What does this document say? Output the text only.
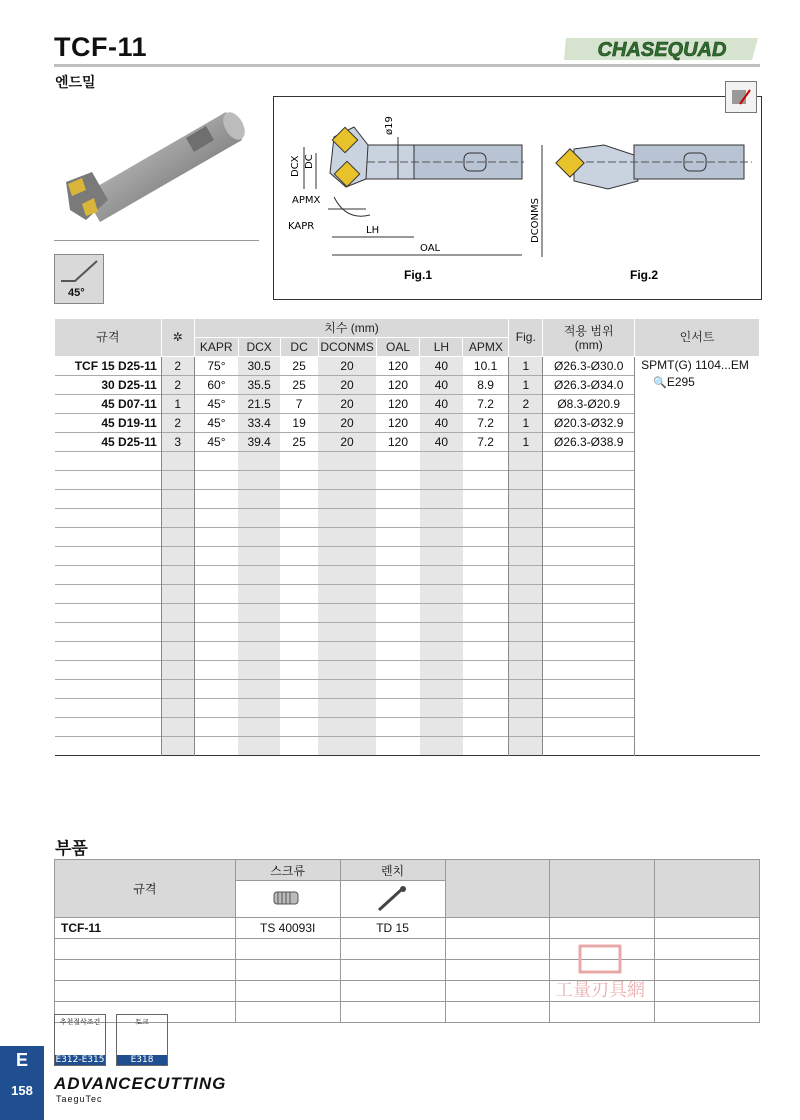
TCF-11
엔드밀
CHASEQUAD
45°
DCX DC
ø19
APMX
KAPR	LH
OAL
DCONMS
Fig.1	Fig.2
규격	✲	치수 (mm)							Fig.	적용 범위
(mm)	인서트
		KAPR	DCX	DC	DCONMS	OAL	LH	APMX			
TCF 15 D25-11	2	75°	30.5	25	20	120	40	10.1	1	Ø26.3-Ø30.0	SPMT(G) 1104...EM
🔍E295

30 D25-11	2	60°	35.5	25	20	120	40	8.9	1	Ø26.3-Ø34.0	
45 D07-11	1	45°	21.5	7	20	120	40	7.2	2	Ø8.3-Ø20.9	
45 D19-11	2	45°	33.4	19	20	120	40	7.2	1	Ø20.3-Ø32.9	
45 D25-11	3	45°	39.4	25	20	120	40	7.2	1	Ø26.3-Ø38.9	

부품
규격	스크류	렌치			

TCF-11	TS 40093I	TD 15			

工量刃具網
추천절삭조건
E312-E315
토크
E318
E
158	ADVANCECUTTING
TaeguTec
